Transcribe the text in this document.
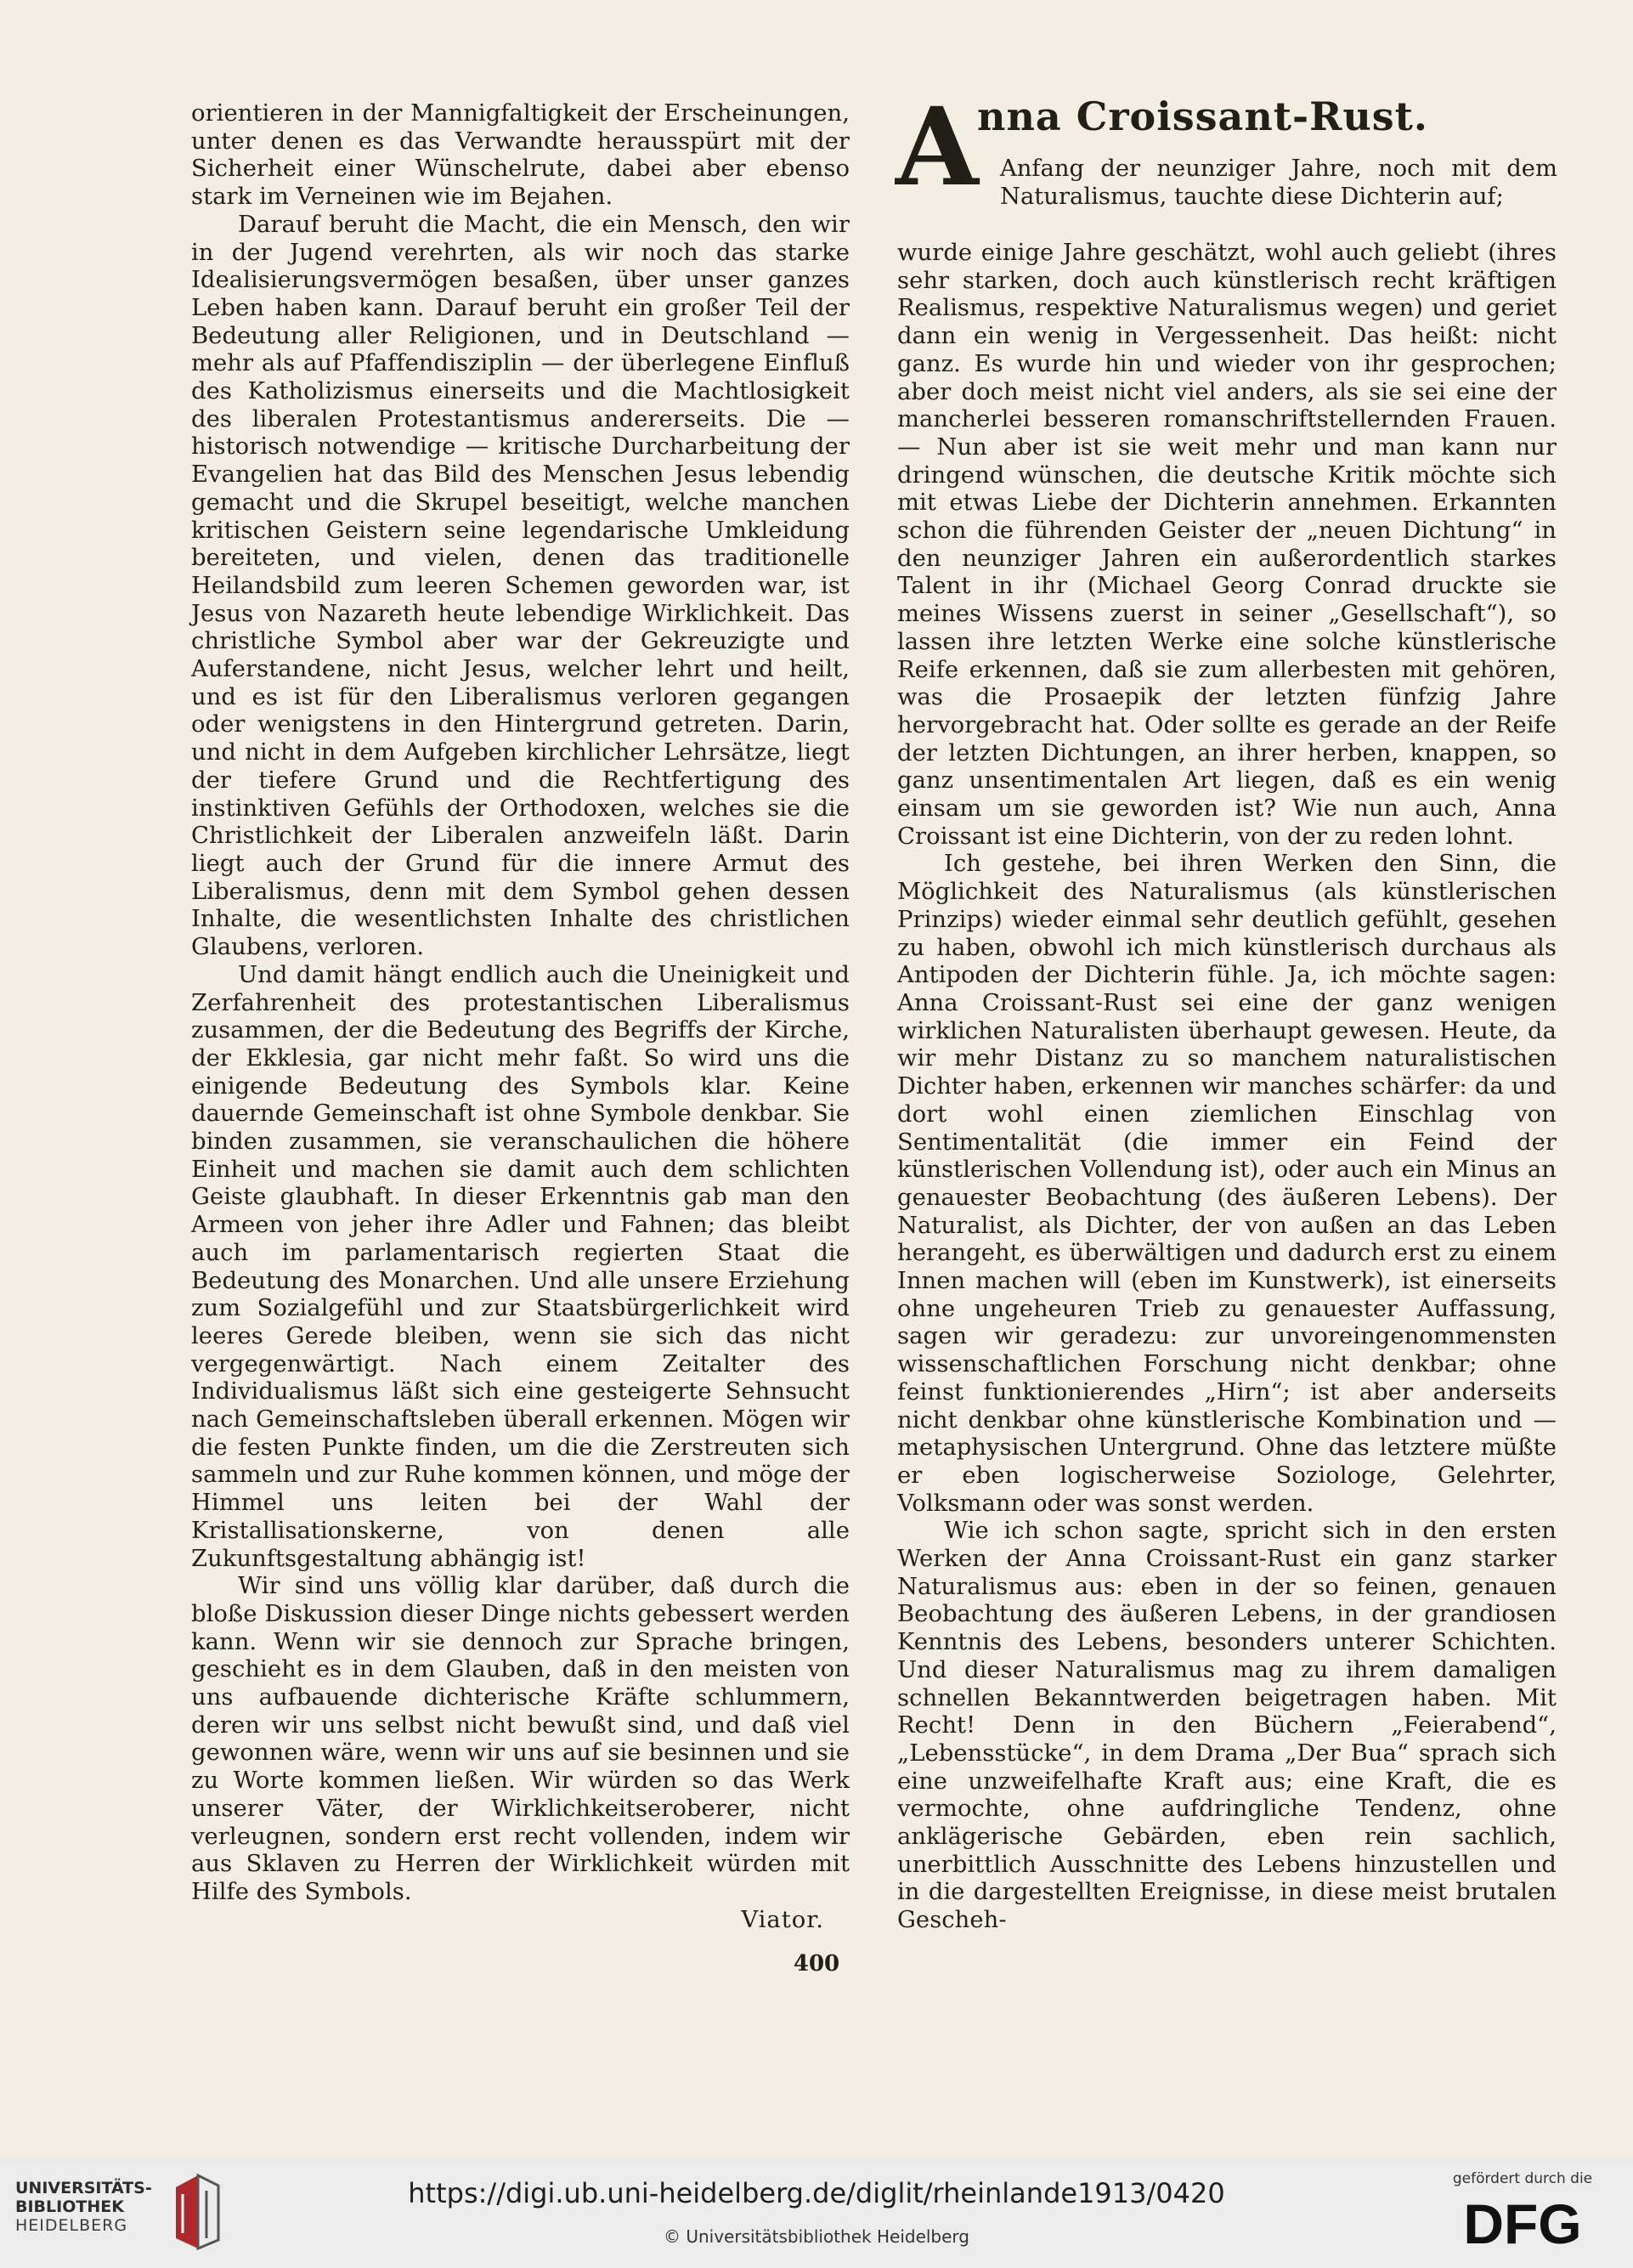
orientieren in der Mannigfaltigkeit der Erscheinungen, unter denen es das Verwandte herausspürt mit der Sicherheit einer Wünschelrute, dabei aber ebenso stark im Verneinen wie im Bejahen.

Darauf beruht die Macht, die ein Mensch, den wir in der Jugend verehrten, als wir noch das starke Idealisierungsvermögen besaßen, über unser ganzes Leben haben kann. Darauf beruht ein großer Teil der Bedeutung aller Religionen, und in Deutschland — mehr als auf Pfaffendisziplin — der überlegene Einfluß des Katholizismus einerseits und die Machtlosigkeit des liberalen Protestantismus andererseits. Die — historisch notwendige — kritische Durcharbeitung der Evangelien hat das Bild des Menschen Jesus lebendig gemacht und die Skrupel beseitigt, welche manchen kritischen Geistern seine legendarische Umkleidung bereiteten, und vielen, denen das traditionelle Heilandsbild zum leeren Schemen geworden war, ist Jesus von Nazareth heute lebendige Wirklichkeit. Das christliche Symbol aber war der Gekreuzigte und Auferstandene, nicht Jesus, welcher lehrt und heilt, und es ist für den Liberalismus verloren gegangen oder wenigstens in den Hintergrund getreten. Darin, und nicht in dem Aufgeben kirchlicher Lehrsätze, liegt der tiefere Grund und die Rechtfertigung des instinktiven Gefühls der Orthodoxen, welches sie die Christlichkeit der Liberalen anzweifeln läßt. Darin liegt auch der Grund für die innere Armut des Liberalismus, denn mit dem Symbol gehen dessen Inhalte, die wesentlichsten Inhalte des christlichen Glaubens, verloren.

Und damit hängt endlich auch die Uneinigkeit und Zerfahrenheit des protestantischen Liberalismus zusammen, der die Bedeutung des Begriffs der Kirche, der Ekklesia, gar nicht mehr faßt. So wird uns die einigende Bedeutung des Symbols klar. Keine dauernde Gemeinschaft ist ohne Symbole denkbar. Sie binden zusammen, sie veranschaulichen die höhere Einheit und machen sie damit auch dem schlichten Geiste glaubhaft. In dieser Erkenntnis gab man den Armeen von jeher ihre Adler und Fahnen; das bleibt auch im parlamentarisch regierten Staat die Bedeutung des Monarchen. Und alle unsere Erziehung zum Sozialgefühl und zur Staatsbürgerlichkeit wird leeres Gerede bleiben, wenn sie sich das nicht vergegenwärtigt. Nach einem Zeitalter des Individualismus läßt sich eine gesteigerte Sehnsucht nach Gemeinschaftsleben überall erkennen. Mögen wir die festen Punkte finden, um die die Zerstreuten sich sammeln und zur Ruhe kommen können, und möge der Himmel uns leiten bei der Wahl der Kristallisationskerne, von denen alle Zukunftsgestaltung abhängig ist!

Wir sind uns völlig klar darüber, daß durch die bloße Diskussion dieser Dinge nichts gebessert werden kann. Wenn wir sie dennoch zur Sprache bringen, geschieht es in dem Glauben, daß in den meisten von uns aufbauende dichterische Kräfte schlummern, deren wir uns selbst nicht bewußt sind, und daß viel gewonnen wäre, wenn wir uns auf sie besinnen und sie zu Worte kommen ließen. Wir würden so das Werk unserer Väter, der Wirklichkeitseroberer, nicht verleugnen, sondern erst recht vollenden, indem wir aus Sklaven zu Herren der Wirklichkeit würden mit Hilfe des Symbols.

Viator.
A
nna Croissant-Rust.
Anfang der neunziger Jahre, noch mit dem Naturalismus, tauchte diese Dichterin auf;

wurde einige Jahre geschätzt, wohl auch geliebt (ihres sehr starken, doch auch künstlerisch recht kräftigen Realismus, respektive Naturalismus wegen) und geriet dann ein wenig in Vergessenheit. Das heißt: nicht ganz. Es wurde hin und wieder von ihr gesprochen; aber doch meist nicht viel anders, als sie sei eine der mancherlei besseren romanschriftstellernden Frauen. — Nun aber ist sie weit mehr und man kann nur dringend wünschen, die deutsche Kritik möchte sich mit etwas Liebe der Dichterin annehmen. Erkannten schon die führenden Geister der „neuen Dichtung“ in den neunziger Jahren ein außerordentlich starkes Talent in ihr (Michael Georg Conrad druckte sie meines Wissens zuerst in seiner „Gesellschaft“), so lassen ihre letzten Werke eine solche künstlerische Reife erkennen, daß sie zum allerbesten mit gehören, was die Prosaepik der letzten fünfzig Jahre hervorgebracht hat. Oder sollte es gerade an der Reife der letzten Dichtungen, an ihrer herben, knappen, so ganz unsentimentalen Art liegen, daß es ein wenig einsam um sie geworden ist? Wie nun auch, Anna Croissant ist eine Dichterin, von der zu reden lohnt.

Ich gestehe, bei ihren Werken den Sinn, die Möglichkeit des Naturalismus (als künstlerischen Prinzips) wieder einmal sehr deutlich gefühlt, gesehen zu haben, obwohl ich mich künstlerisch durchaus als Antipoden der Dichterin fühle. Ja, ich möchte sagen: Anna Croissant-Rust sei eine der ganz wenigen wirklichen Naturalisten überhaupt gewesen. Heute, da wir mehr Distanz zu so manchem naturalistischen Dichter haben, erkennen wir manches schärfer: da und dort wohl einen ziemlichen Einschlag von Sentimentalität (die immer ein Feind der künstlerischen Vollendung ist), oder auch ein Minus an genauester Beobachtung (des äußeren Lebens). Der Naturalist, als Dichter, der von außen an das Leben herangeht, es überwältigen und dadurch erst zu einem Innen machen will (eben im Kunstwerk), ist einerseits ohne ungeheuren Trieb zu genauester Auffassung, sagen wir geradezu: zur unvoreingenommensten wissenschaftlichen Forschung nicht denkbar; ohne feinst funktionierendes „Hirn“; ist aber anderseits nicht denkbar ohne künstlerische Kombination und — metaphysischen Untergrund. Ohne das letztere müßte er eben logischerweise Soziologe, Gelehrter, Volksmann oder was sonst werden.

Wie ich schon sagte, spricht sich in den ersten Werken der Anna Croissant-Rust ein ganz starker Naturalismus aus: eben in der so feinen, genauen Beobachtung des äußeren Lebens, in der grandiosen Kenntnis des Lebens, besonders unterer Schichten. Und dieser Naturalismus mag zu ihrem damaligen schnellen Bekanntwerden beigetragen haben. Mit Recht! Denn in den Büchern „Feierabend“, „Lebensstücke“, in dem Drama „Der Bua“ sprach sich eine unzweifelhafte Kraft aus; eine Kraft, die es vermochte, ohne aufdringliche Tendenz, ohne anklägerische Gebärden, eben rein sachlich, unerbittlich Ausschnitte des Lebens hinzustellen und in die dargestellten Ereignisse, in diese meist brutalen Gescheh-

400
UNIVERSITÄTS-
BIBLIOTHEK
HEIDELBERG
https://digi.ub.uni-heidelberg.de/diglit/rheinlande1913/0420
© Universitätsbibliothek Heidelberg
gefördert durch die
DFG
